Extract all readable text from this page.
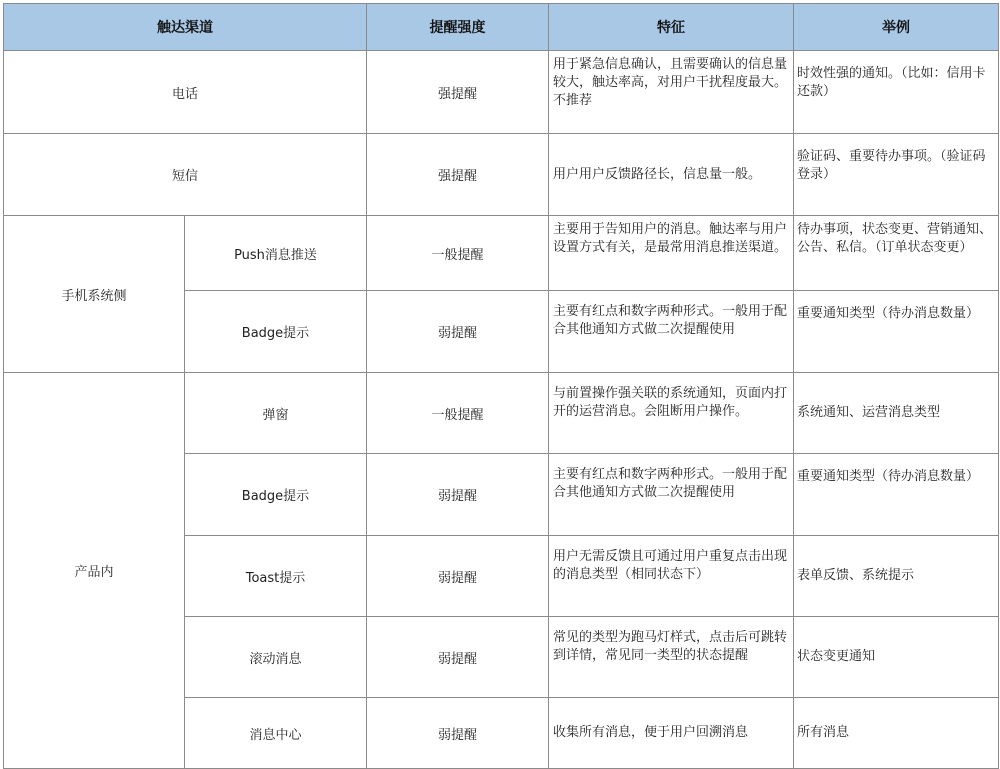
触达渠道		提醒强度	特征	举例
电话		强提醒	用于紧急信息确认，且需要确认的信息量较大，触达率高，对用户干扰程度最大。不推荐	时效性强的通知。（比如：信用卡还款）
短信		强提醒	用户用户反馈路径长，信息量一般。	验证码、重要待办事项。（验证码登录）
手机系统侧	Push消息推送	一般提醒	主要用于告知用户的消息。触达率与用户设置方式有关，是最常用消息推送渠道。	待办事项，状态变更、营销通知、公告、私信。（订单状态变更）
	Badge提示	弱提醒	主要有红点和数字两种形式。一般用于配合其他通知方式做二次提醒使用	重要通知类型（待办消息数量）
产品内	弹窗	一般提醒	与前置操作强关联的系统通知，页面内打开的运营消息。会阻断用户操作。	系统通知、运营消息类型
	Badge提示	弱提醒	主要有红点和数字两种形式。一般用于配合其他通知方式做二次提醒使用	重要通知类型（待办消息数量）
	Toast提示	弱提醒	用户无需反馈且可通过用户重复点击出现的消息类型（相同状态下）	表单反馈、系统提示
	滚动消息	弱提醒	常见的类型为跑马灯样式，点击后可跳转到详情，常见同一类型的状态提醒	状态变更通知
	消息中心	弱提醒	收集所有消息，便于用户回溯消息	所有消息
